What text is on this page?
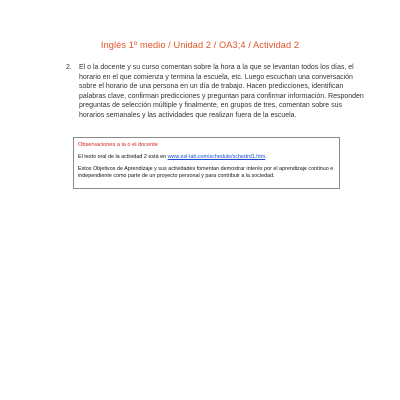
Inglés 1º medio / Unidad 2 / OA3;4 / Actividad 2
2.	El o la docente y su curso comentan sobre la hora a la que se levantan todos los días, el horario en el que comienza y termina la escuela, etc. Luego escuchan una conversación sobre el horario de una persona en un día de trabajo. Hacen predicciones, identifican palabras clave, confirman predicciones y preguntan para confirmar información. Responden preguntas de selección múltiple y finalmente, en grupos de tres, comentan sobre sus horarios semanales y las actividades que realizan fuera de la escuela.
Observaciones a la o el docente
El texto oral de la actividad 2 está en www.esl-lab.com/schedule/schedrd1.htm.
Estos Objetivos de Aprendizaje y sus actividades fomentan demostrar interés por el aprendizaje continuo e independiente como parte de un proyecto personal y para contribuir a la sociedad.
